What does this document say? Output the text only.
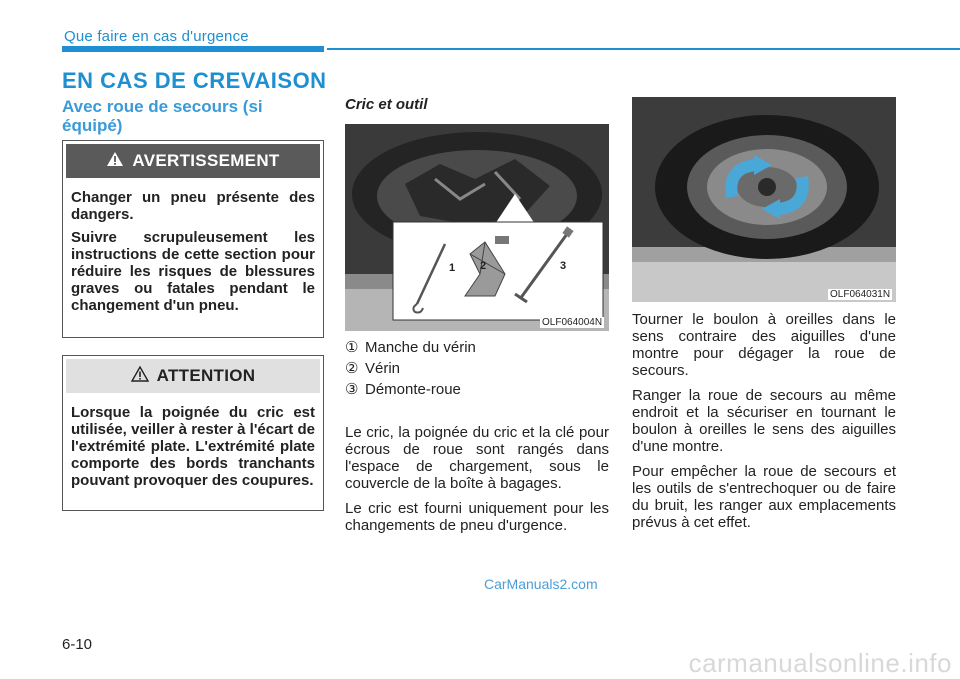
Que faire en cas d'urgence
EN CAS DE CREVAISON
Avec roue de secours (si équipé)
AVERTISSEMENT

Changer un pneu présente des dangers.

Suivre scrupuleusement les instructions de cette section pour réduire les risques de blessures graves ou fatales pendant le changement d'un pneu.

ATTENTION

Lorsque la poignée du cric est utilisée, veiller à rester à l'écart de l'extrémité plate. L'extrémité plate comporte des bords tranchants pouvant provoquer des coupures.

Cric et outil
1 2	3
OLF064004N
① Manche du vérin
② Vérin
③ Démonte-roue

Le cric, la poignée du cric et la clé pour écrous de roue sont rangés dans l'espace de chargement, sous le couvercle de la boîte à bagages.

Le cric est fourni uniquement pour les changements de pneu d'urgence.

OLF064031N

Tourner le boulon à oreilles dans le sens contraire des aiguilles d'une montre pour dégager la roue de secours.

Ranger la roue de secours au même endroit et la sécuriser en tournant le boulon à oreilles le sens des aiguilles d'une montre.

Pour empêcher la roue de secours et les outils de s'entrechoquer ou de faire du bruit, les ranger aux emplacements prévus à cet effet.

CarManuals2.com
6-10
carmanualsonline.info
